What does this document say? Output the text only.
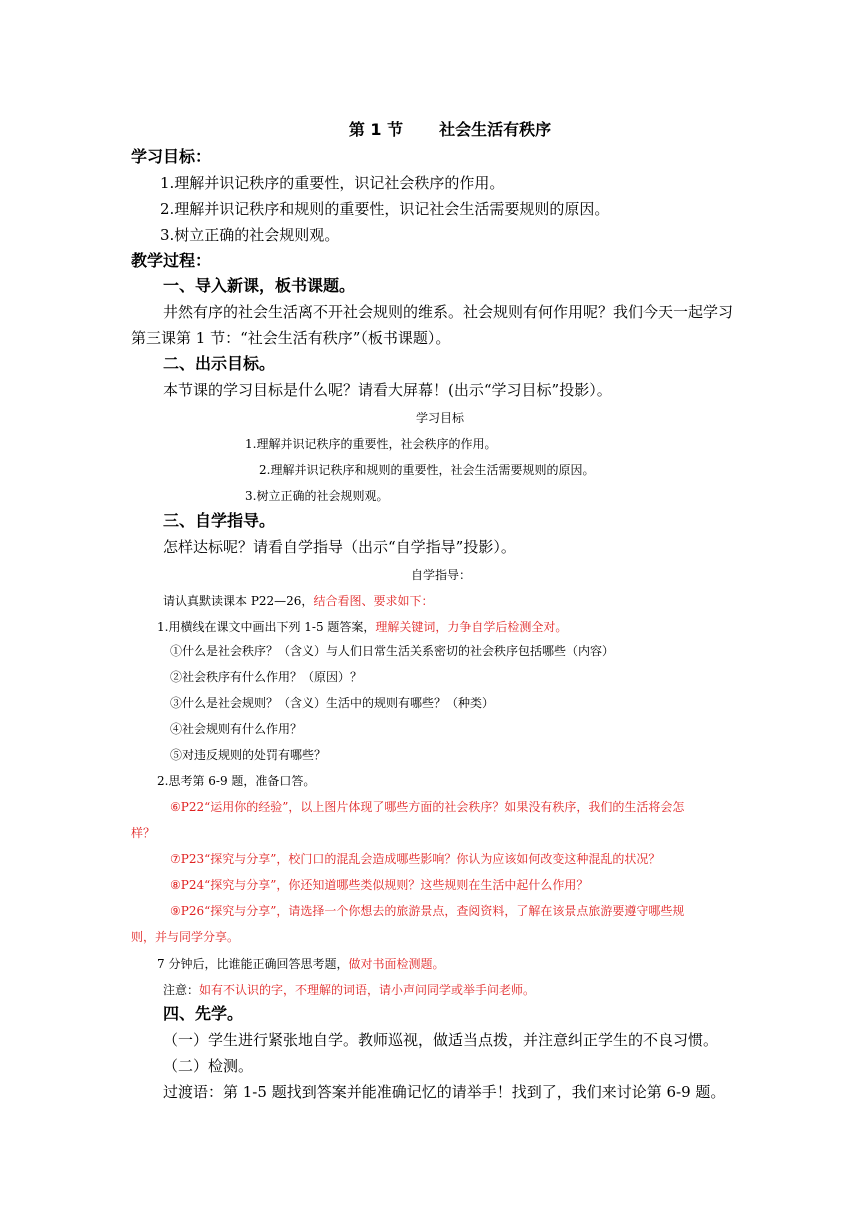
第 1 节 社会生活有秩序
学习目标：
1.理解并识记秩序的重要性，识记社会秩序的作用。
2.理解并识记秩序和规则的重要性，识记社会生活需要规则的原因。
3.树立正确的社会规则观。
教学过程：
一、导入新课，板书课题。
井然有序的社会生活离不开社会规则的维系。社会规则有何作用呢？我们今天一起学习
第三课第 1 节：“社会生活有秩序”（板书课题）。
二、出示目标。
本节课的学习目标是什么呢？请看大屏幕！(出示“学习目标”投影）。
学习目标
1.理解并识记秩序的重要性，社会秩序的作用。
2.理解并识记秩序和规则的重要性，社会生活需要规则的原因。
3.树立正确的社会规则观。
三、自学指导。
怎样达标呢？请看自学指导（出示“自学指导”投影）。
自学指导：
请认真默读课本 P22—26，结合看图、要求如下：
1.用横线在课文中画出下列 1-5 题答案，理解关键词，力争自学后检测全对。
①什么是社会秩序？（含义）与人们日常生活关系密切的社会秩序包括哪些（内容）
②社会秩序有什么作用？（原因）？
③什么是社会规则？（含义）生活中的规则有哪些？（种类）
④社会规则有什么作用？
⑤对违反规则的处罚有哪些？
2.思考第 6-9 题，准备口答。
⑥P22“运用你的经验”，以上图片体现了哪些方面的社会秩序？如果没有秩序，我们的生活将会怎
样？
⑦P23“探究与分享”，校门口的混乱会造成哪些影响？你认为应该如何改变这种混乱的状况？
⑧P24“探究与分享”，你还知道哪些类似规则？这些规则在生活中起什么作用？
⑨P26“探究与分享”，请选择一个你想去的旅游景点，查阅资料，了解在该景点旅游要遵守哪些规
则，并与同学分享。
7 分钟后，比谁能正确回答思考题，做对书面检测题。
注意：如有不认识的字，不理解的词语，请小声问同学或举手问老师。
四、先学。
（一）学生进行紧张地自学。教师巡视，做适当点拨，并注意纠正学生的不良习惯。
（二）检测。
过渡语：第 1-5 题找到答案并能准确记忆的请举手！找到了，我们来讨论第 6-9 题。
